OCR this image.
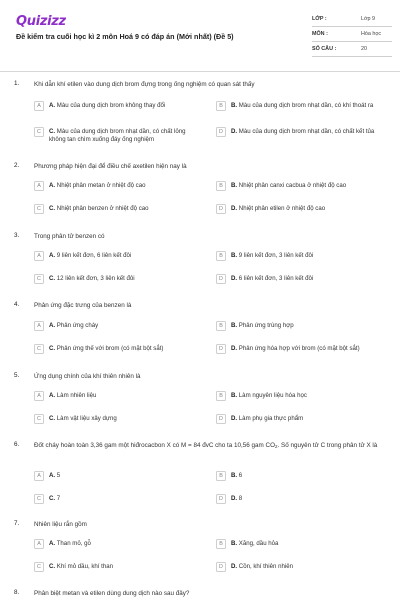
Quizizz
Đề kiểm tra cuối học kì 2 môn Hoá 9 có đáp án (Mới nhất) (Đề 5)
LỚP :	Lớp 9
MÔN :	Hóa học
SỐ CÂU :	20
1. Khi dẫn khí etilen vào dung dịch brom đựng trong ống nghiệm có quan sát thấy
A	A. Màu của dung dịch brom không thay đổi	B	B. Màu của dung dịch brom nhạt dần, có khí thoát ra
C	C. Màu của dung dịch brom nhạt dần, có chất lỏng không tan chìm xuống đáy ống nghiệm
D	D. Màu của dung dịch brom nhạt dần, có chất kết tủa
2. Phương pháp hiện đại để điều chế axetilen hiện nay là
A	A. Nhiệt phân metan ở nhiệt độ cao	B	B. Nhiệt phân canxi cacbua ở nhiệt độ cao
C	C. Nhiệt phân benzen ở nhiệt độ cao	D	D. Nhiệt phân etilen ở nhiệt độ cao
3. Trong phân tử benzen có
A	A. 9 liên kết đơn, 6 liên kết đôi	B	B. 9 liên kết đơn, 3 liên kết đôi
C	C. 12 liên kết đơn, 3 liên kết đôi	D	D. 6 liên kết đơn, 3 liên kết đôi
4. Phản ứng đặc trưng của benzen là
A	A. Phản ứng cháy	B	B. Phản ứng trùng hợp
C	C. Phản ứng thế với brom (có mặt bột sắt)	D	D. Phản ứng hóa hợp với brom (có mặt bột sắt)
5. Ứng dụng chính của khí thiên nhiên là
A	A. Làm nhiên liệu	B	B. Làm nguyên liệu hóa học
C	C. Làm vật liệu xây dựng	D	D. Làm phụ gia thực phẩm
6. Đốt cháy hoàn toàn 3,36 gam một hiđrocacbon X có M = 84 đvC cho ta 10,56 gam $CO_2$. Số nguyên tử C trong phân tử X là
A	A. 5	B	B. 6
C	C. 7	D	D. 8
7. Nhiên liệu rắn gồm
A	A. Than mỏ, gỗ	B	B. Xăng, dầu hỏa
C	C. Khí mỏ dầu, khí than	D	D. Cồn, khí thiên nhiên
8. Phân biệt metan và etilen dùng dung dịch nào sau đây?
